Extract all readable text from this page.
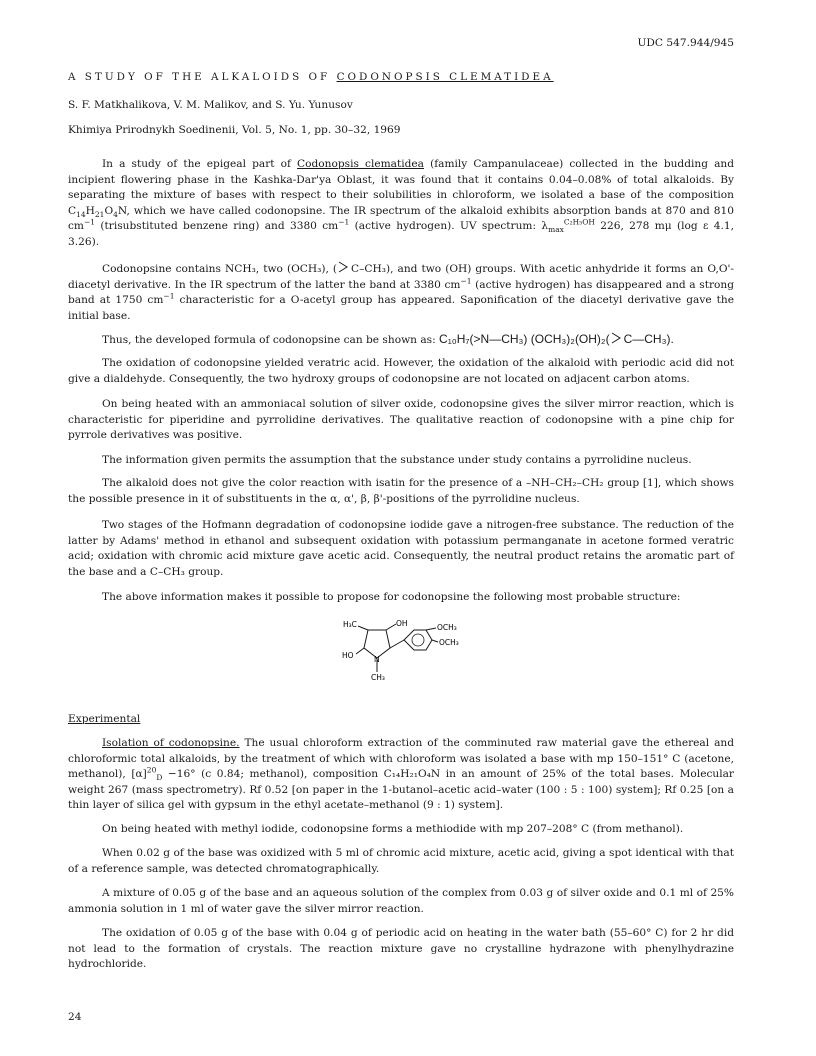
UDC 547.944/945
A STUDY OF THE ALKALOIDS OF CODONOPSIS CLEMATIDEA
S. F. Matkhalikova, V. M. Malikov, and S. Yu. Yunusov
Khimiya Prirodnykh Soedinenii, Vol. 5, No. 1, pp. 30–32, 1969
In a study of the epigeal part of Codonopsis clematidea (family Campanulaceae) collected in the budding and incipient flowering phase in the Kashka-Dar'ya Oblast, it was found that it contains 0.04–0.08% of total alkaloids. By separating the mixture of bases with respect to their solubilities in chloroform, we isolated a base of the composition $C_{14}H_{21}O_4N$, which we have called codonopsine. The IR spectrum of the alkaloid exhibits absorption bands at 870 and 810 $cm^{-1}$ (trisubstituted benzene ring) and 3380 $cm^{-1}$ (active hydrogen). UV spectrum: $\lambda_{max}^{C_2H_5OH}$ 226, 278 mμ (log ε 4.1, 3.26).
Codonopsine contains NCH₃, two (OCH₃), ( C–CH₃), and two (OH) groups. With acetic anhydride it forms an O,O'-diacetyl derivative. In the IR spectrum of the latter the band at 3380 $cm^{-1}$ (active hydrogen) has disappeared and a strong band at 1750 $cm^{-1}$ characteristic for a O-acetyl group has appeared. Saponification of the diacetyl derivative gave the initial base.
Thus, the developed formula of codonopsine can be shown as: C₁₀H₇(>N—CH₃) (OCH₃)₂(OH)₂( C—CH₃).
The oxidation of codonopsine yielded veratric acid. However, the oxidation of the alkaloid with periodic acid did not give a dialdehyde. Consequently, the two hydroxy groups of codonopsine are not located on adjacent carbon atoms.
On being heated with an ammoniacal solution of silver oxide, codonopsine gives the silver mirror reaction, which is characteristic for piperidine and pyrrolidine derivatives. The qualitative reaction of codonopsine with a pine chip for pyrrole derivatives was positive.
The information given permits the assumption that the substance under study contains a pyrrolidine nucleus.
The alkaloid does not give the color reaction with isatin for the presence of a –NH–CH₂–CH₂ group [1], which shows the possible presence in it of substituents in the α, α', β, β'-positions of the pyrrolidine nucleus.
Two stages of the Hofmann degradation of codonopsine iodide gave a nitrogen-free substance. The reduction of the latter by Adams' method in ethanol and subsequent oxidation with potassium permanganate in acetone formed veratric acid; oxidation with chromic acid mixture gave acetic acid. Consequently, the neutral product retains the aromatic part of the base and a C–CH₃ group.
The above information makes it possible to propose for codonopsine the following most probable structure:
H₃C	OH
HO	N
CH₃
OCH₃
OCH₃
Experimental
Isolation of codonopsine. The usual chloroform extraction of the comminuted raw material gave the ethereal and chloroformic total alkaloids, by the treatment of which with chloroform was isolated a base with mp 150–151° C (acetone, methanol), $[\alpha]^{20}_D -16^\circ$ (c 0.84; methanol), composition C₁₄H₂₁O₄N in an amount of 25% of the total bases. Molecular weight 267 (mass spectrometry). Rf 0.52 [on paper in the 1-butanol–acetic acid–water (100 : 5 : 100) system]; Rf 0.25 [on a thin layer of silica gel with gypsum in the ethyl acetate–methanol (9 : 1) system].
On being heated with methyl iodide, codonopsine forms a methiodide with mp 207–208° C (from methanol).
When 0.02 g of the base was oxidized with 5 ml of chromic acid mixture, acetic acid, giving a spot identical with that of a reference sample, was detected chromatographically.
A mixture of 0.05 g of the base and an aqueous solution of the complex from 0.03 g of silver oxide and 0.1 ml of 25% ammonia solution in 1 ml of water gave the silver mirror reaction.
The oxidation of 0.05 g of the base with 0.04 g of periodic acid on heating in the water bath (55–60° C) for 2 hr did not lead to the formation of crystals. The reaction mixture gave no crystalline hydrazone with phenylhydrazine hydrochloride.
24
